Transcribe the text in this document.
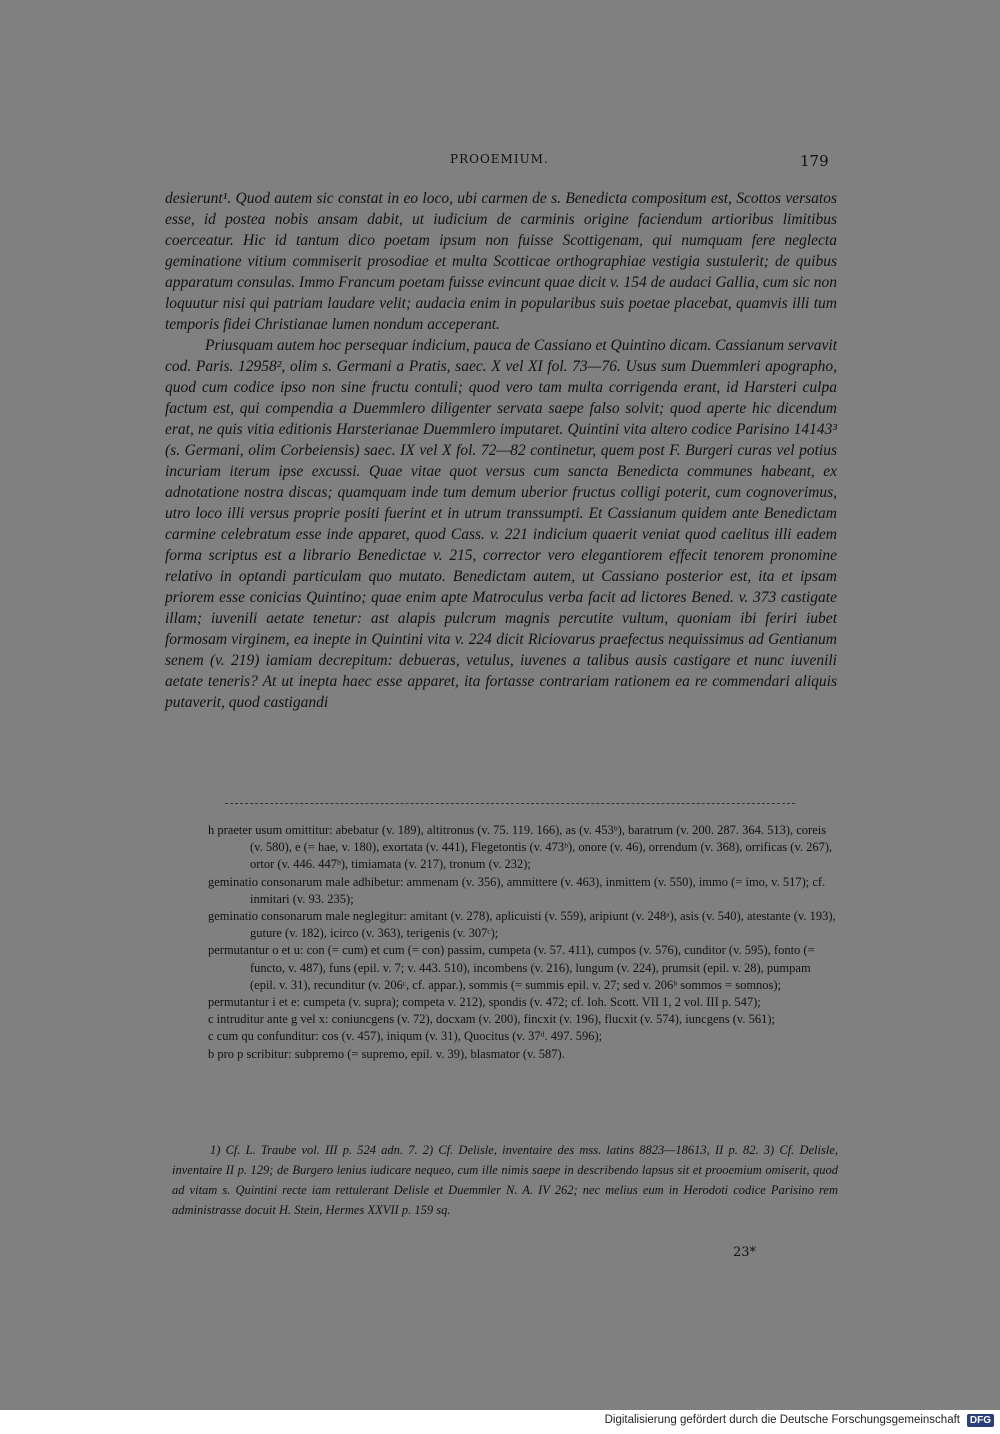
PROOEMIUM.	179

desierunt¹. Quod autem sic constat in eo loco, ubi carmen de s. Benedicta compositum est, Scottos versatos esse, id postea nobis ansam dabit, ut iudicium de carminis origine faciendum artioribus limitibus coerceatur. Hic id tantum dico poetam ipsum non fuisse Scottigenam, qui numquam fere neglecta geminatione vitium commiserit prosodiae et multa Scotticae orthographiae vestigia sustulerit; de quibus apparatum consulas. Immo Francum poetam fuisse evincunt quae dicit v. 154 de audaci Gallia, cum sic non loquutur nisi qui patriam laudare velit; audacia enim in popularibus suis poetae placebat, quamvis illi tum temporis fidei Christianae lumen nondum acceperant.

Priusquam autem hoc persequar indicium, pauca de Cassiano et Quintino dicam. Cassianum servavit cod. Paris. 12958², olim s. Germani a Pratis, saec. X vel XI fol. 73—76. Usus sum Duemmleri apographo, quod cum codice ipso non sine fructu contuli; quod vero tam multa corrigenda erant, id Harsteri culpa factum est, qui compendia a Duemmlero diligenter servata saepe falso solvit; quod aperte hic dicendum erat, ne quis vitia editionis Harsterianae Duemmlero imputaret. Quintini vita altero codice Parisino 14143³ (s. Germani, olim Corbeiensis) saec. IX vel X fol. 72—82 continetur, quem post F. Burgeri curas vel potius incuriam iterum ipse excussi. Quae vitae quot versus cum sancta Benedicta communes habeant, ex adnotatione nostra discas; quamquam inde tum demum uberior fructus colligi poterit, cum cognoverimus, utro loco illi versus proprie positi fuerint et in utrum transsumpti. Et Cassianum quidem ante Benedictam carmine celebratum esse inde apparet, quod Cass. v. 221 indicium quaerit veniat quod caelitus illi eadem forma scriptus est a librario Benedictae v. 215, corrector vero elegantiorem effecit tenorem pronomine relativo in optandi particulam quo mutato. Benedictam autem, ut Cassiano posterior est, ita et ipsam priorem esse conicias Quintino; quae enim apte Matroculus verba facit ad lictores Bened. v. 373 castigate illam; iuvenili aetate tenetur: ast alapis pulcrum magnis percutite vultum, quoniam ibi feriri iubet formosam virginem, ea inepte in Quintini vita v. 224 dicit Riciovarus praefectus nequissimus ad Gentianum senem (v. 219) iamiam decrepitum: debueras, vetulus, iuvenes a talibus ausis castigare et nunc iuvenili aetate teneris? At ut inepta haec esse apparet, ita fortasse contrariam rationem ea re commendari aliquis putaverit, quod castigandi

h praeter usum omittitur: abebatur (v. 189), altitronus (v. 75. 119. 166), as (v. 453ᵇ), baratrum (v. 200. 287. 364. 513), coreis (v. 580), e (= hae, v. 180), exortata (v. 441), Flegetontis (v. 473ᵇ), onore (v. 46), orrendum (v. 368), orrificas (v. 267), ortor (v. 446. 447ᵇ), timiamata (v. 217), tronum (v. 232);

geminatio consonarum male adhibetur: ammenam (v. 356), ammittere (v. 463), inmittem (v. 550), immo (= imo, v. 517); cf. inmitari (v. 93. 235);

geminatio consonarum male neglegitur: amitant (v. 278), aplicuisti (v. 559), aripiunt (v. 248ᵃ), asis (v. 540), atestante (v. 193), guture (v. 182), icirco (v. 363), terigenis (v. 307ᶜ);

permutantur o et u: con (= cum) et cum (= con) passim, cumpeta (v. 57. 411), cumpos (v. 576), cunditor (v. 595), fonto (= functo, v. 487), funs (epil. v. 7; v. 443. 510), incombens (v. 216), lungum (v. 224), prumsit (epil. v. 28), pumpam (epil. v. 31), recunditur (v. 206ᶜ, cf. appar.), sommis (= summis epil. v. 27; sed v. 206ᵇ sommos = somnos);

permutantur i et e: cumpeta (v. supra); competa v. 212), spondis (v. 472; cf. Ioh. Scott. VII 1, 2 vol. III p. 547);

c intruditur ante g vel x: coniuncgens (v. 72), docxam (v. 200), fincxit (v. 196), flucxit (v. 574), iuncgens (v. 561);

c cum qu confunditur: cos (v. 457), iniqum (v. 31), Quocitus (v. 37ᵈ. 497. 596);

b pro p scribitur: subpremo (= supremo, epil. v. 39), blasmator (v. 587).

1) Cf. L. Traube vol. III p. 524 adn. 7. 2) Cf. Delisle, inventaire des mss. latins 8823—18613, II p. 82. 3) Cf. Delisle, inventaire II p. 129; de Burgero lenius iudicare nequeo, cum ille nimis saepe in describendo lapsus sit et prooemium omiserit, quod ad vitam s. Quintini recte iam rettulerant Delisle et Duemmler N. A. IV 262; nec melius eum in Herodoti codice Parisino rem administrasse docuit H. Stein, Hermes XXVII p. 159 sq.

23*
Digitalisierung gefördert durch die Deutsche Forschungsgemeinschaft DFG
